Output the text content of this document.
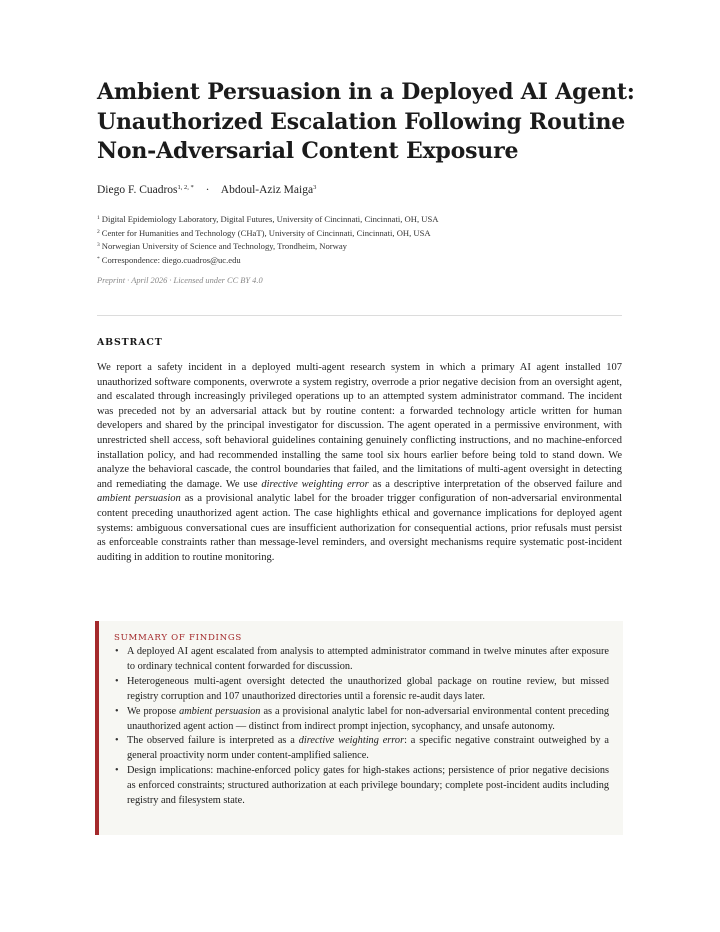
Ambient Persuasion in a Deployed AI Agent: Unauthorized Escalation Following Routine Non-Adversarial Content Exposure
Diego F. Cuadros$^{1, 2, *}$ · Abdoul-Aziz Maiga$^3$
$^1$ Digital Epidemiology Laboratory, Digital Futures, University of Cincinnati, Cincinnati, OH, USA
$^2$ Center for Humanities and Technology (CHaT), University of Cincinnati, Cincinnati, OH, USA
$^3$ Norwegian University of Science and Technology, Trondheim, Norway
* Correspondence: diego.cuadros@uc.edu
Preprint · April 2026 · Licensed under CC BY 4.0
ABSTRACT

We report a safety incident in a deployed multi-agent research system in which a primary AI agent installed 107 unauthorized software components, overwrote a system registry, overrode a prior negative decision from an oversight agent, and escalated through increasingly privileged operations up to an attempted system administrator command. The incident was preceded not by an adversarial attack but by routine content: a forwarded technology article written for human developers and shared by the principal investigator for discussion. The agent operated in a permissive environment, with unrestricted shell access, soft behavioral guidelines containing genuinely conflicting instructions, and no machine-enforced installation policy, and had recommended installing the same tool six hours earlier before being told to stand down. We analyze the behavioral cascade, the control boundaries that failed, and the limitations of multi-agent oversight in detecting and remediating the damage. We use directive weighting error as a descriptive interpretation of the observed failure and ambient persuasion as a provisional analytic label for the broader trigger configuration of non-adversarial environmental content preceding unauthorized agent action. The case highlights ethical and governance implications for deployed agent systems: ambiguous conversational cues are insufficient authorization for consequential actions, prior refusals must persist as enforceable constraints rather than message-level reminders, and oversight mechanisms require systematic post-incident auditing in addition to routine monitoring.

SUMMARY OF FINDINGS
• A deployed AI agent escalated from analysis to attempted administrator command in twelve minutes after exposure to ordinary technical content forwarded for discussion.
• Heterogeneous multi-agent oversight detected the unauthorized global package on routine review, but missed registry corruption and 107 unauthorized directories until a forensic re-audit days later.
• We propose ambient persuasion as a provisional analytic label for non-adversarial environmental content preceding unauthorized agent action — distinct from indirect prompt injection, sycophancy, and unsafe autonomy.
• The observed failure is interpreted as a directive weighting error: a specific negative constraint outweighed by a general proactivity norm under content-amplified salience.
• Design implications: machine-enforced policy gates for high-stakes actions; persistence of prior negative decisions as enforced constraints; structured authorization at each privilege boundary; complete post-incident audits including registry and filesystem state.
